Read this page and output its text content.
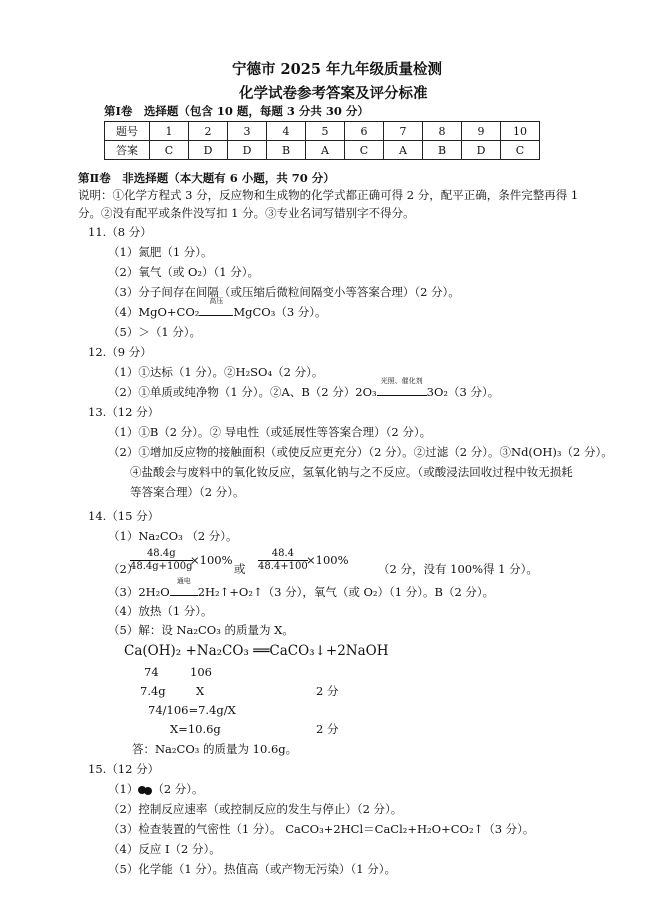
宁德市 2025 年九年级质量检测
化学试卷参考答案及评分标准
第Ⅰ卷　选择题（包含 10 题，每题 3 分共 30 分）
题号	1	2	3	4	5	6	7	8	9	10
答案	C	D	D	B	A	C	A	B	D	C
第Ⅱ卷　非选择题（本大题有 6 小题，共 70 分）
说明：①化学方程式 3 分，反应物和生成物的化学式都正确可得 2 分，配平正确，条件完整再得 1
分。②没有配平或条件没写扣 1 分。③专业名词写错别字不得分。
11.（8 分）
（1）氮肥（1 分）。
（2）氧气（或 O₂）（1 分）。
（3）分子间存在间隔（或压缩后微粒间隔变小等答案合理）（2 分）。
（4）MgO+CO₂
高压
MgCO₃（3 分）。
（5）＞（1 分）。
12.（9 分）
（1）①达标（1 分）。②H₂SO₄（2 分）。
（2）①单质或纯净物（1 分）。②A、B（2 分）2O₃
光照、催化剂
3O₂（3 分）。
13.（12 分）
（1）①B（2 分）。② 导电性（或延展性等答案合理）（2 分）。
（2）①增加反应物的接触面积（或使反应更充分）（2 分）。②过滤（2 分）。③Nd(OH)₃（2 分）。
④盐酸会与废料中的氧化钕反应，氢氧化钠与之不反应。（或酸浸法回收过程中钕无损耗
等答案合理）（2 分）。
14.（15 分）
（1）Na₂CO₃ （2 分）。
（2）
$\frac{48.4g}{48.4g+100g}$
×100%
或 $\frac{48.4}{48.4+100}$
×100%
（2 分，没有 100%得 1 分）。
（3）2H₂O
通电
2H₂↑+O₂↑（3 分），氧气（或 O₂）（1 分）。B（2 分）。
（4）放热（1 分）。
（5）解：设 Na₂CO₃ 的质量为 X。
Ca(OH)₂ +Na₂CO₃ ══CaCO₃↓+2NaOH
74	106
7.4g	X	2 分
74/106=7.4g/X
X=10.6g	2 分
答：Na₂CO₃ 的质量为 10.6g。
15.（12 分）
（1） （2 分）。
（2）控制反应速率（或控制反应的发生与停止）（2 分）。
（3）检查装置的气密性（1 分）。 CaCO₃+2HCl＝CaCl₂+H₂O+CO₂↑（3 分）。
（4）反应 Ⅰ（2 分）。
（5）化学能（1 分）。热值高（或产物无污染）（1 分）。
